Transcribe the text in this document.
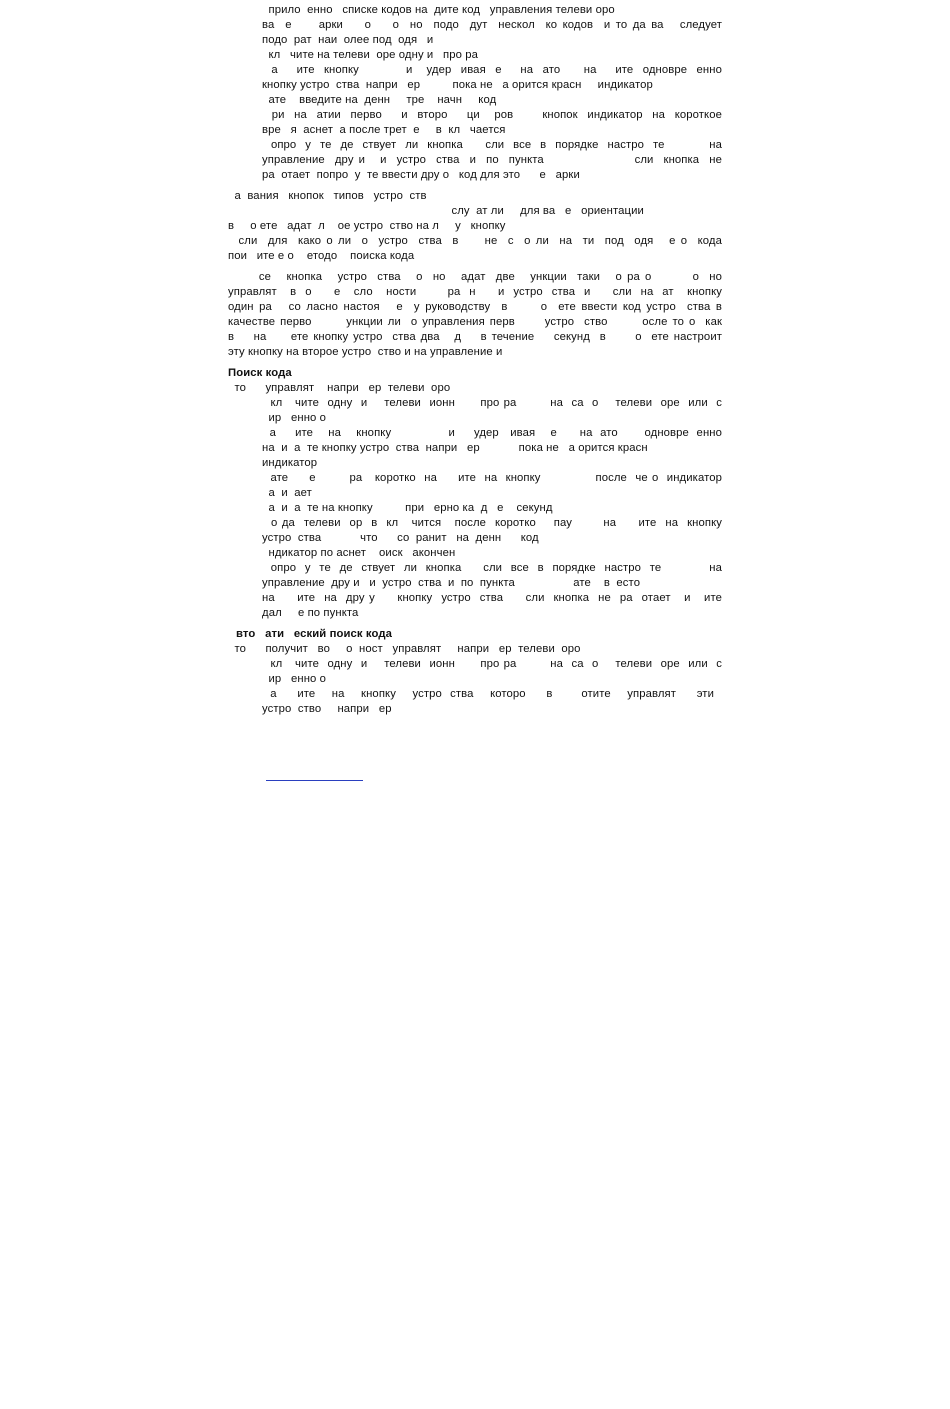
прило  енно   списке кодов на  дите код   управления телеви оро
ва  е     арки    о    о  но  подо  дут  нескол  ко кодов  и то да ва   следует
подо  рат  наи  олее под  одя   и
кл   чите на телеви  оре одну и   про ра
а    ите  кнопку          и   удер  ивая  е    на  ато     на    ите  одновре  енно
кнопку устро  ства  напри   ер          пока не   а орится красн     индикатор
ате    введите на  денн     тре    начн     код
ри  на  атии  перво    и  второ    ци   ров      кнопок  индикатор  на  короткое
вре   я  аснет  а после трет  е     в  кл   чается
опро  у  те  де  ствует  ли  кнопка     сли  все  в  порядке  настро  те          на
управление  дру и   и  устро  ства  и  по  пункта                  сли  кнопка  не
ра  отает  попро  у  те ввести дру о   код для это      е   арки
а  вания   кнопок   типов   устро  ств
слу  ат ли     для ва   е   ориентации
в     о ете   адат  л    ое устро  ство на л     у   кнопку
сли  для  како о ли  о  устро  ства  в     не  с  о ли  на  ти  под  одя   е о  кода
пои   ите е о    етодо    поиска кода
се   кнопка   устро  ства   о  но   адат  две   ункции  таки   о ра о        о  но
управлят   в  о     е   сло   ности       ра  н     и  устро  ства  и     сли  на  ат   кнопку
один ра   со ласно настоя   е  у руководству  в      о  ете ввести код устро  ства в
качестве перво       ункции ли  о управления перв      устро  ство       осле то о  как
в    на     ете кнопку устро  ства два   д    в течение    секунд  в      о  ете настроит
эту кнопку на второе устро  ство и на управление и
Поиск кода
то      управлят    напри   ер  телеви  оро
кл   чите  одну  и    телеви  ионн      про ра        на  са  о    телеви  оре  или  с
ир   енно о
а     ите    на    кнопку               и     удер   ивая    е      на  ато       одновре  енно
на  и  а  те кнопку устро  ства  напри   ер            пока не   а орится красн
индикатор
ате     е        ра   коротко  на     ите  на  кнопку             после  че о  индикатор
а  и  ает
а  и  а  те на кнопку          при   ерно ка  д   е    секунд
о да  телеви  ор  в  кл   чится   после  коротко    пау       на     ите  на  кнопку
устро  ства            что      со  ранит   на  денн      код
ндикатор по аснет    оиск   акончен
опро  у  те  де  ствует  ли  кнопка     сли  все  в  порядке  настро  те           на
управление  дру и   и  устро  ства  и  по  пункта                  ате    в  есто
на     ите  на  дру у     кнопку  устро  ства     сли  кнопка  не  ра  отает   и   ите
дал     е по пункта
вто   ати   еский поиск кода
то      получит   во     о  ност   управлят     напри   ер  телеви  оро
кл   чите  одну  и    телеви  ионн      про ра        на  са  о    телеви  оре  или  с
ир   енно о
а     ите    на    кнопку    устро  ства    которо     в       отите    управлят     эти
устро  ство     напри   ер
